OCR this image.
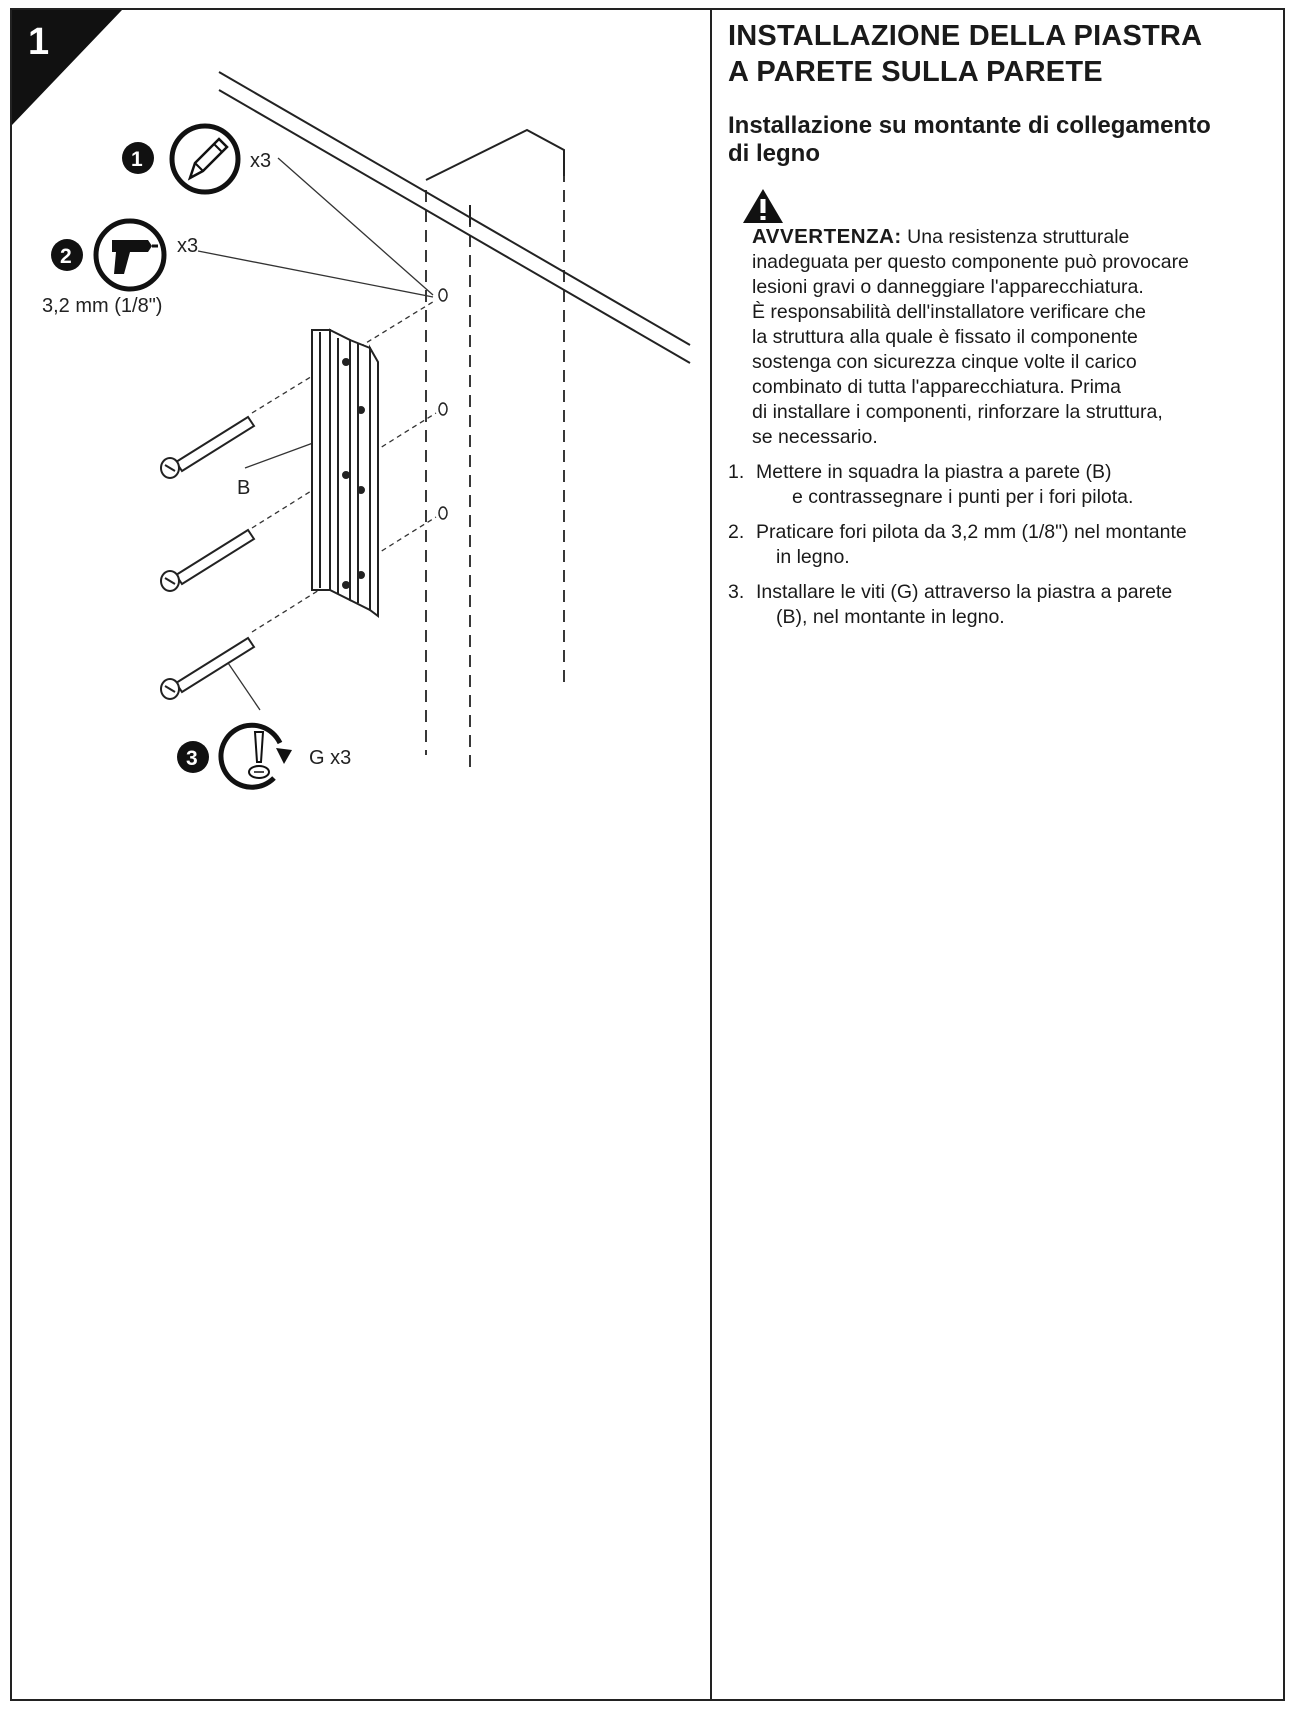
1
B
1	x3
2	x3
3,2 mm (1/8")
3	G x3
INSTALLAZIONE DELLA PIASTRA
A PARETE SULLA PARETE
Installazione su montante di collegamento
di legno
AVVERTENZA: Una resistenza strutturale
inadeguata per questo componente può provocare
lesioni gravi o danneggiare l'apparecchiatura.
È responsabilità dell'installatore verificare che
la struttura alla quale è fissato il componente
sostenga con sicurezza cinque volte il carico
combinato di tutta l'apparecchiatura. Prima
di installare i componenti, rinforzare la struttura,
se necessario.
1. Mettere in squadra la piastra a parete (B)
e contrassegnare i punti per i fori pilota.
2. Praticare fori pilota da 3,2 mm (1/8") nel montante
in legno.
3. Installare le viti (G) attraverso la piastra a parete
(B), nel montante in legno.
